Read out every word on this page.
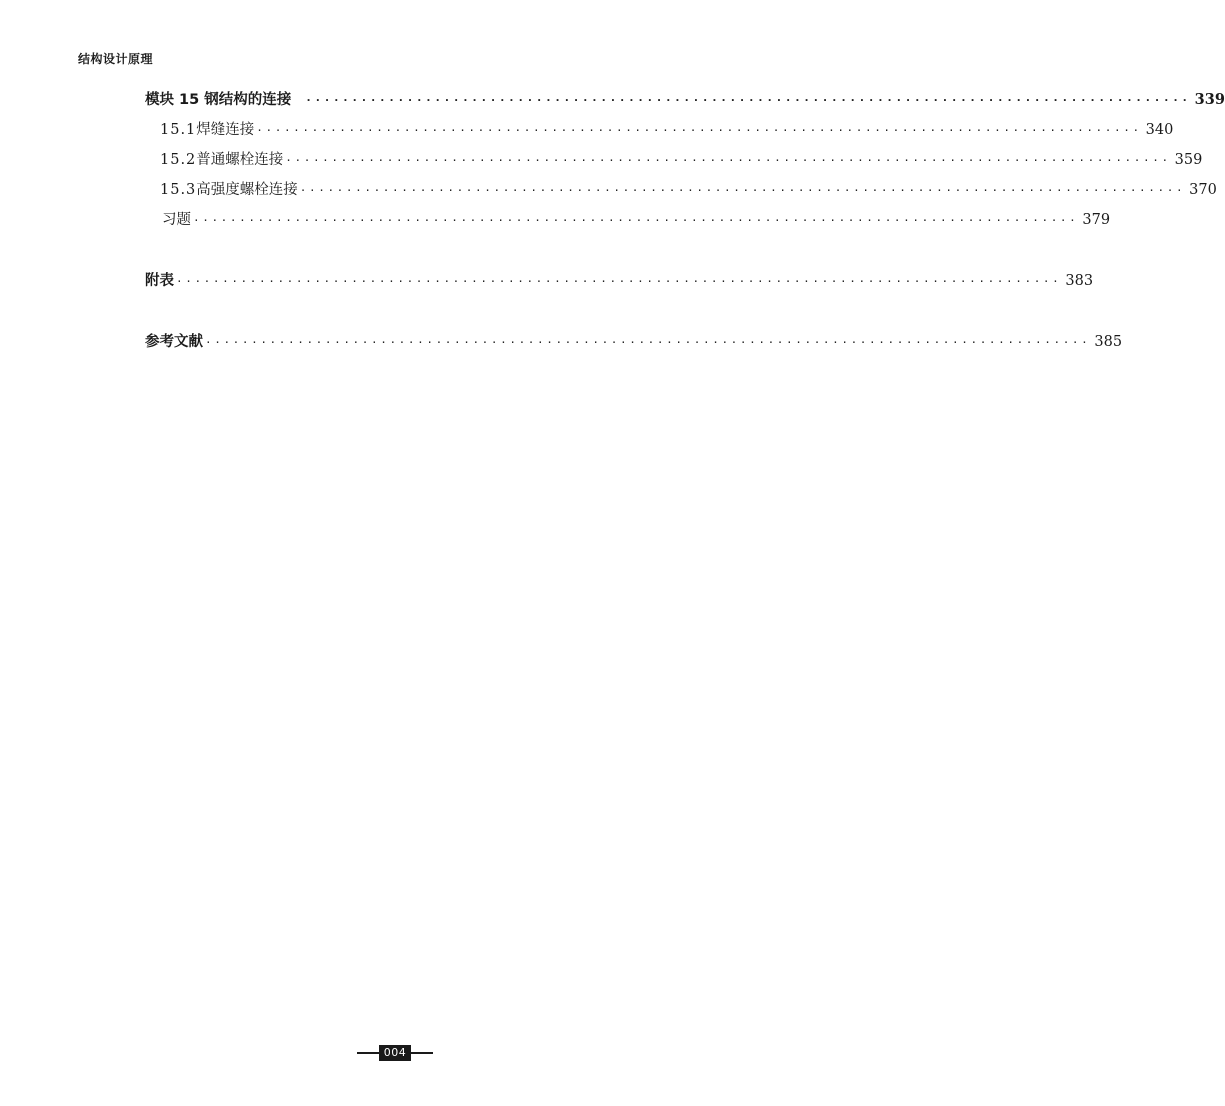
结构设计原理
模块 15 钢结构的连接 ································································································ 339
15.1 焊缝连接 ································································································ 340
15.2 普通螺栓连接 ································································································ 359
15.3 高强度螺栓连接 ································································································ 370
习题 ································································································ 379
附表 ································································································ 383
参考文献 ································································································ 385
004
